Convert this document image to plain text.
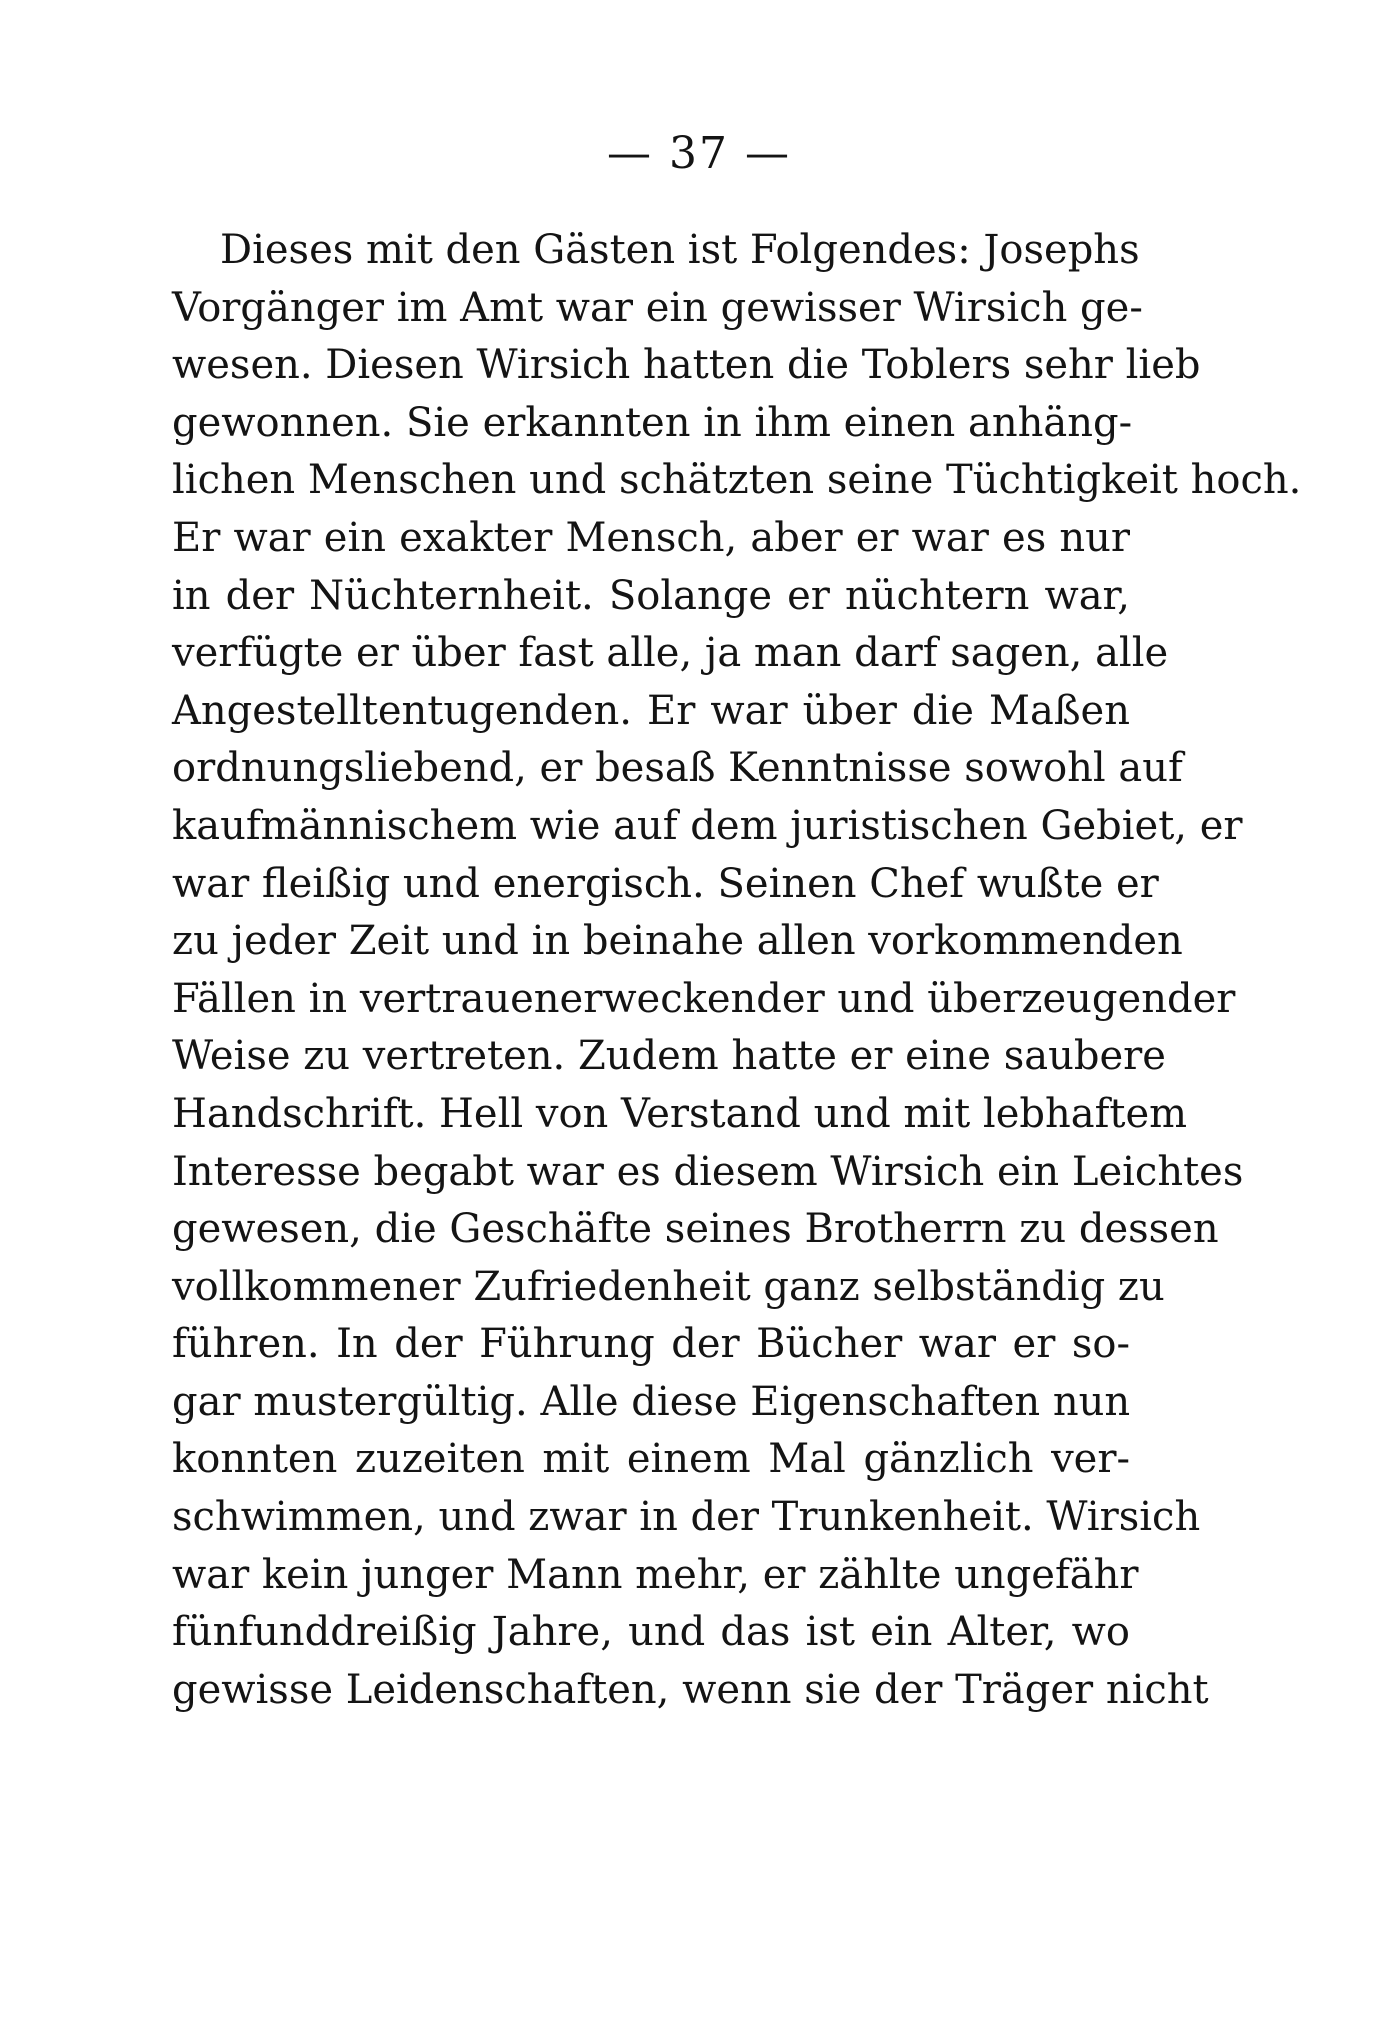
— 37 —
Dieses mit den Gästen ist Folgendes: Josephs
Vorgänger im Amt war ein gewisser Wirsich ge-
wesen. Diesen Wirsich hatten die Toblers sehr lieb
gewonnen. Sie erkannten in ihm einen anhäng-
lichen Menschen und schätzten seine Tüchtigkeit hoch.
Er war ein exakter Mensch, aber er war es nur
in der Nüchternheit. Solange er nüchtern war,
verfügte er über fast alle, ja man darf sagen, alle
Angestelltentugenden. Er war über die Maßen
ordnungsliebend, er besaß Kenntnisse sowohl auf
kaufmännischem wie auf dem juristischen Gebiet, er
war fleißig und energisch. Seinen Chef wußte er
zu jeder Zeit und in beinahe allen vorkommenden
Fällen in vertrauenerweckender und überzeugender
Weise zu vertreten. Zudem hatte er eine saubere
Handschrift. Hell von Verstand und mit lebhaftem
Interesse begabt war es diesem Wirsich ein Leichtes
gewesen, die Geschäfte seines Brotherrn zu dessen
vollkommener Zufriedenheit ganz selbständig zu
führen. In der Führung der Bücher war er so-
gar mustergültig. Alle diese Eigenschaften nun
konnten zuzeiten mit einem Mal gänzlich ver-
schwimmen, und zwar in der Trunkenheit. Wirsich
war kein junger Mann mehr, er zählte ungefähr
fünfunddreißig Jahre, und das ist ein Alter, wo
gewisse Leidenschaften, wenn sie der Träger nicht
